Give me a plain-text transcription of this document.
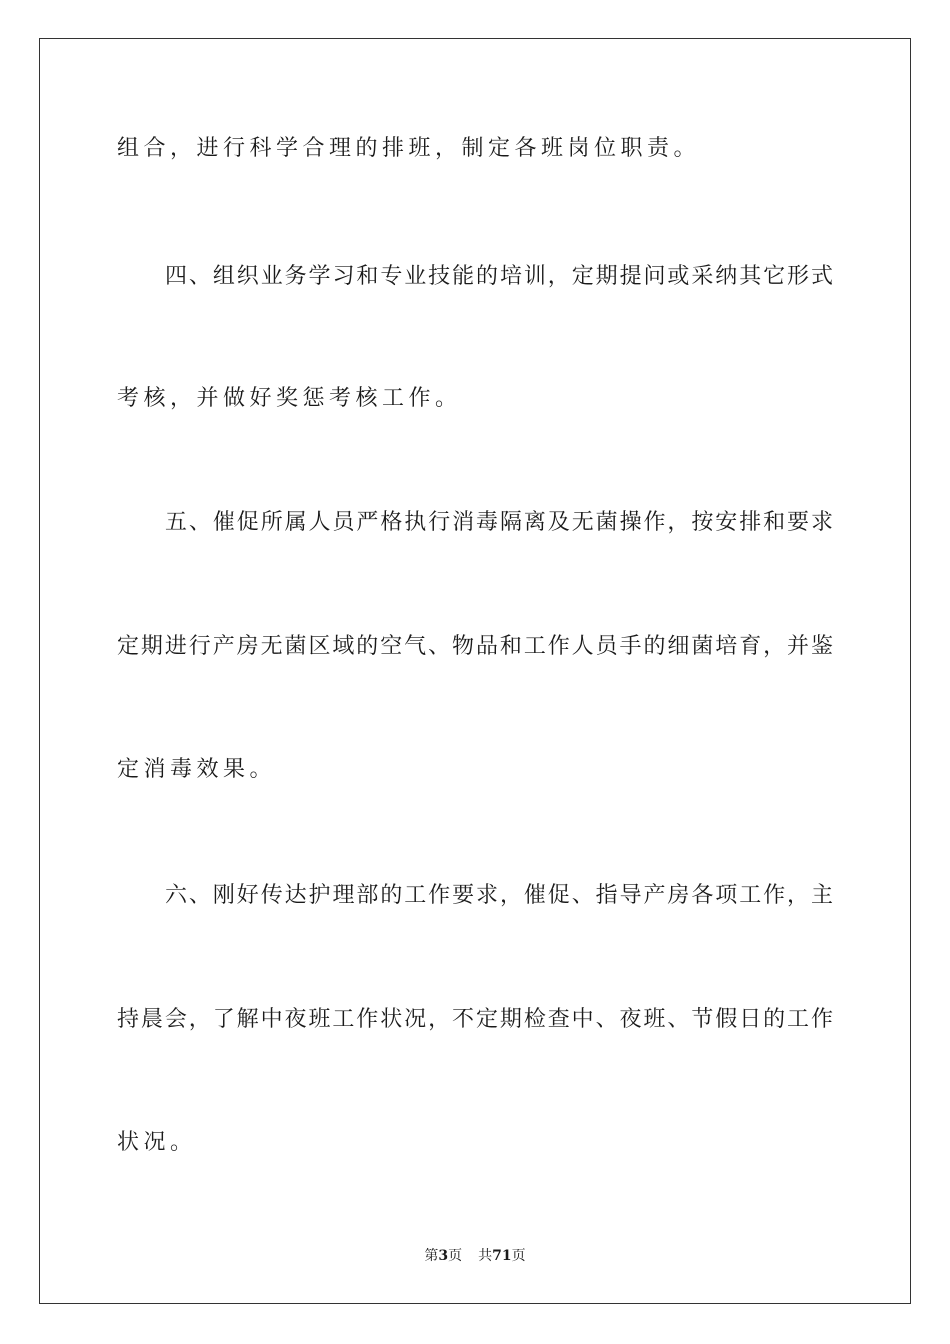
组合，进行科学合理的排班，制定各班岗位职责。
四、组织业务学习和专业技能的培训，定期提问或采纳其它形式
考核，并做好奖惩考核工作。
五、催促所属人员严格执行消毒隔离及无菌操作，按安排和要求
定期进行产房无菌区域的空气、物品和工作人员手的细菌培育，并鉴
定消毒效果。
六、刚好传达护理部的工作要求，催促、指导产房各项工作，主
持晨会，了解中夜班工作状况，不定期检查中、夜班、节假日的工作
状况。
第3页 共71页
